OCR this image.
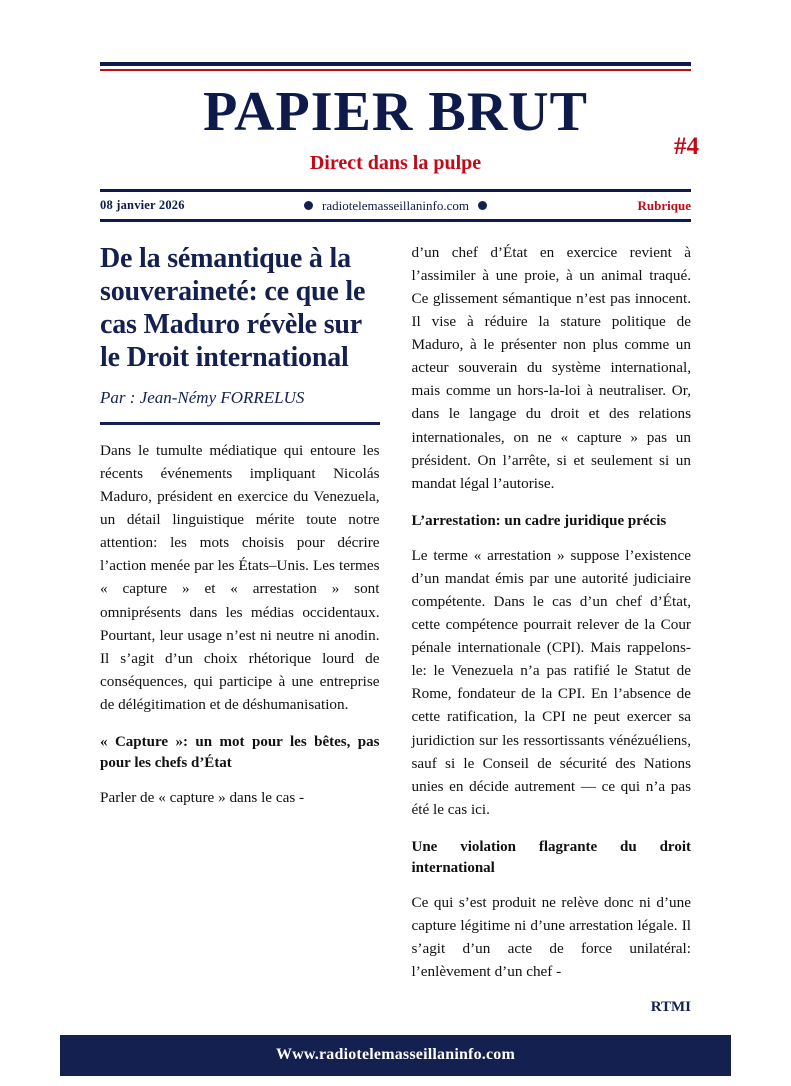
PAPIER BRUT
#4
Direct dans la pulpe
08 janvier 2026	radiotelemasseillaninfo.com	Rubrique
De la sémantique à la souveraineté: ce que le cas Maduro révèle sur le Droit international
Par : Jean-Némy FORRELUS

Dans le tumulte médiatique qui entoure les récents événements impliquant Nicolás Maduro, président en exercice du Venezuela, un détail linguistique mérite toute notre attention: les mots choisis pour décrire l’action menée par les États–Unis. Les termes « capture » et « arrestation » sont omniprésents dans les médias occidentaux. Pourtant, leur usage n’est ni neutre ni anodin. Il s’agit d’un choix rhétorique lourd de conséquences, qui participe à une entreprise de délégitimation et de déshumanisation.

« Capture »: un mot pour les bêtes, pas pour les chefs d’État

Parler de « capture » dans le cas -

d’un chef d’État en exercice revient à l’assimiler à une proie, à un animal traqué. Ce glissement sémantique n’est pas innocent. Il vise à réduire la stature politique de Maduro, à le présenter non plus comme un acteur souverain du système international, mais comme un hors-la-loi à neutraliser. Or, dans le langage du droit et des relations internationales, on ne « capture » pas un président. On l’arrête, si et seulement si un mandat légal l’autorise.

L’arrestation: un cadre juridique précis

Le terme « arrestation » suppose l’existence d’un mandat émis par une autorité judiciaire compétente. Dans le cas d’un chef d’État, cette compétence pourrait relever de la Cour pénale internationale (CPI). Mais rappelons-le: le Venezuela n’a pas ratifié le Statut de Rome, fondateur de la CPI. En l’absence de cette ratification, la CPI ne peut exercer sa juridiction sur les ressortissants vénézuéliens, sauf si le Conseil de sécurité des Nations unies en décide autrement — ce qui n’a pas été le cas ici.

Une violation flagrante du droit international

Ce qui s’est produit ne relève donc ni d’une capture légitime ni d’une arrestation légale. Il s’agit d’un acte de force unilatéral: l’enlèvement d’un chef -

RTMI
Www.radiotelemasseillaninfo.com
